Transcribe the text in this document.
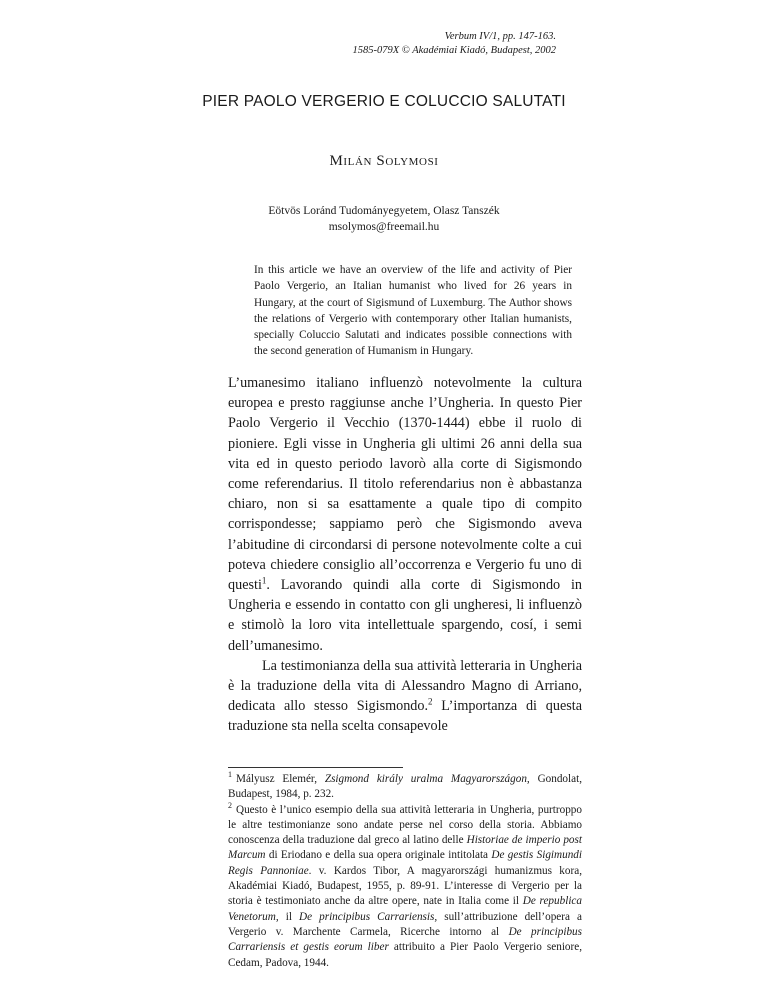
Verbum IV/1, pp. 147-163.
1585-079X © Akadémiai Kiadó, Budapest, 2002
PIER PAOLO VERGERIO E COLUCCIO SALUTATI
Milán Solymosi
Eötvös Loránd Tudományegyetem, Olasz Tanszék
msolymos@freemail.hu

In this article we have an overview of the life and activity of Pier Paolo Vergerio, an Italian humanist who lived for 26 years in Hungary, at the court of Sigismund of Luxemburg. The Author shows the relations of Vergerio with contemporary other Italian humanists, specially Coluccio Salutati and indicates possible connections with the second generation of Humanism in Hungary.

L’umanesimo italiano influenzò notevolmente la cultura europea e presto raggiunse anche l’Ungheria. In questo Pier Paolo Vergerio il Vecchio (1370-1444) ebbe il ruolo di pioniere. Egli visse in Ungheria gli ultimi 26 anni della sua vita ed in questo periodo lavorò alla corte di Sigismondo come referendarius. Il titolo referendarius non è abbastanza chiaro, non si sa esattamente a quale tipo di compito corrispondesse; sappiamo però che Sigismondo aveva l’abitudine di circondarsi di persone notevolmente colte a cui poteva chiedere consiglio all’occorrenza e Vergerio fu uno di questi$^1$. Lavorando quindi alla corte di Sigismondo in Ungheria e essendo in contatto con gli ungheresi, li influenzò e stimolò la loro vita intellettuale spargendo, cosí, i semi dell’umanesimo.

La testimonianza della sua attività letteraria in Ungheria è la traduzione della vita di Alessandro Magno di Arriano, dedicata allo stesso Sigismondo.$^2$ L’importanza di questa traduzione sta nella scelta consapevole

$^1$ Mályusz Elemér, Zsigmond király uralma Magyarországon, Gondolat, Budapest, 1984, p. 232.

$^2$ Questo è l’unico esempio della sua attività letteraria in Ungheria, purtroppo le altre testimonianze sono andate perse nel corso della storia. Abbiamo conoscenza della traduzione dal greco al latino delle Historiae de imperio post Marcum di Eriodano e della sua opera originale intitolata De gestis Sigimundi Regis Pannoniae. v. Kardos Tibor, A magyarországi humanizmus kora, Akadémiai Kiadó, Budapest, 1955, p. 89-91. L’interesse di Vergerio per la storia è testimoniato anche da altre opere, nate in Italia come il De republica Venetorum, il De principibus Carrariensis, sull’attribuzione dell’opera a Vergerio v. Marchente Carmela, Ricerche intorno al De principibus Carrariensis et gestis eorum liber attribuito a Pier Paolo Vergerio seniore, Cedam, Padova, 1944.
